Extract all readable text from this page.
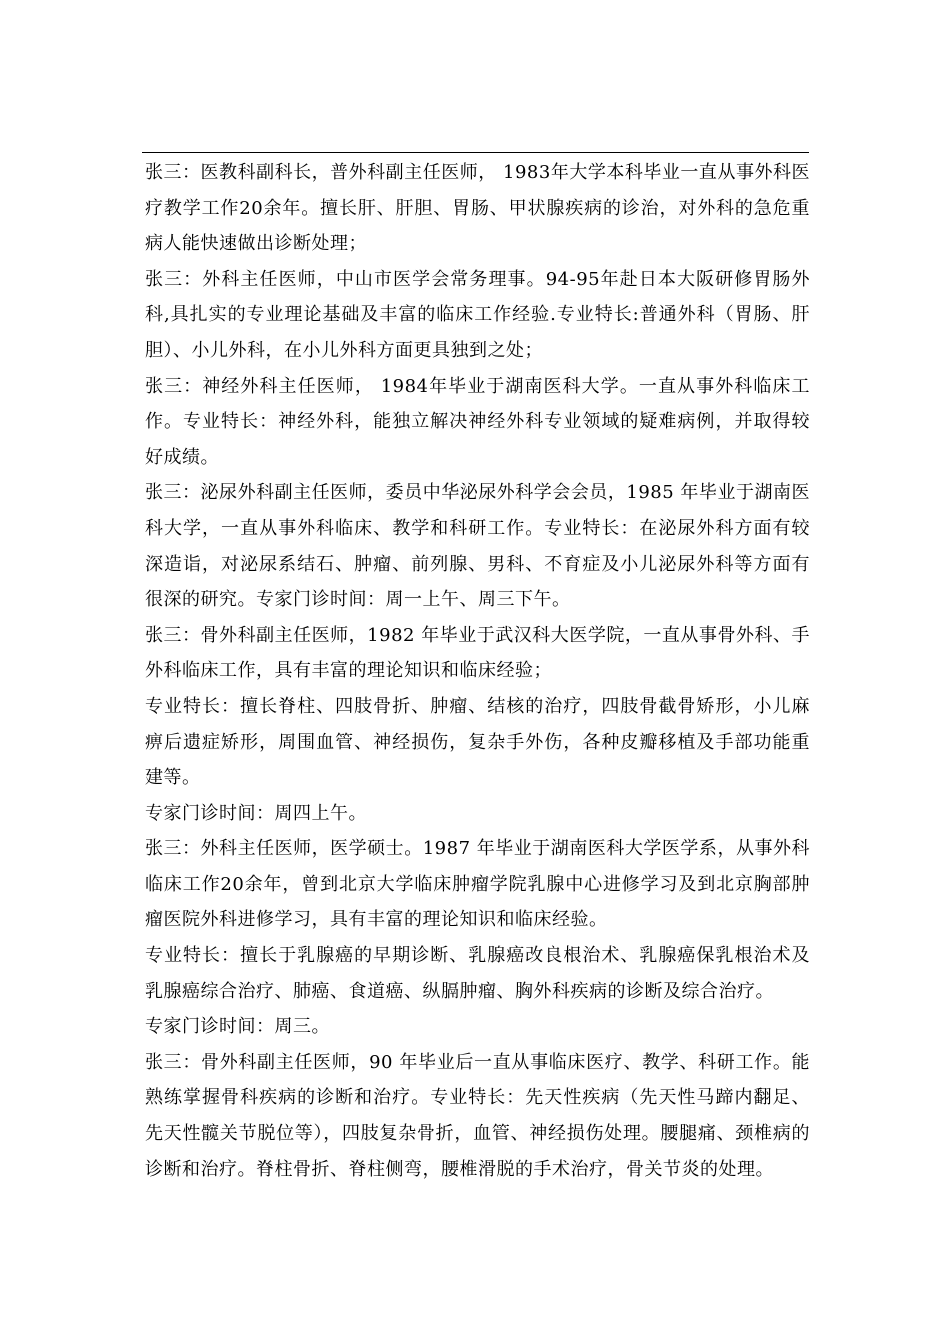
张三：医教科副科长，普外科副主任医师， 1983年大学本科毕业一直从事外科医疗教学工作20余年。擅长肝、肝胆、胃肠、甲状腺疾病的诊治，对外科的急危重病人能快速做出诊断处理；

张三：外科主任医师，中山市医学会常务理事。94-95年赴日本大阪研修胃肠外科,具扎实的专业理论基础及丰富的临床工作经验.专业特长:普通外科（胃肠、肝胆）、小儿外科，在小儿外科方面更具独到之处；

张三：神经外科主任医师， 1984年毕业于湖南医科大学。一直从事外科临床工作。专业特长：神经外科，能独立解决神经外科专业领域的疑难病例，并取得较好成绩。

张三：泌尿外科副主任医师，委员中华泌尿外科学会会员，1985 年毕业于湖南医科大学，一直从事外科临床、教学和科研工作。专业特长：在泌尿外科方面有较深造诣，对泌尿系结石、肿瘤、前列腺、男科、不育症及小儿泌尿外科等方面有很深的研究。专家门诊时间：周一上午、周三下午。

张三：骨外科副主任医师，1982 年毕业于武汉科大医学院，一直从事骨外科、手外科临床工作，具有丰富的理论知识和临床经验；

专业特长：擅长脊柱、四肢骨折、肿瘤、结核的治疗，四肢骨截骨矫形，小儿麻痹后遗症矫形，周围血管、神经损伤，复杂手外伤，各种皮瓣移植及手部功能重建等。

专家门诊时间：周四上午。

张三：外科主任医师，医学硕士。1987 年毕业于湖南医科大学医学系，从事外科临床工作20余年，曾到北京大学临床肿瘤学院乳腺中心进修学习及到北京胸部肿瘤医院外科进修学习，具有丰富的理论知识和临床经验。

专业特长：擅长于乳腺癌的早期诊断、乳腺癌改良根治术、乳腺癌保乳根治术及乳腺癌综合治疗、肺癌、食道癌、纵膈肿瘤、胸外科疾病的诊断及综合治疗。

专家门诊时间：周三。

张三：骨外科副主任医师，90 年毕业后一直从事临床医疗、教学、科研工作。能熟练掌握骨科疾病的诊断和治疗。专业特长：先天性疾病（先天性马蹄内翻足、先天性髋关节脱位等），四肢复杂骨折，血管、神经损伤处理。腰腿痛、颈椎病的诊断和治疗。脊柱骨折、脊柱侧弯，腰椎滑脱的手术治疗，骨关节炎的处理。
